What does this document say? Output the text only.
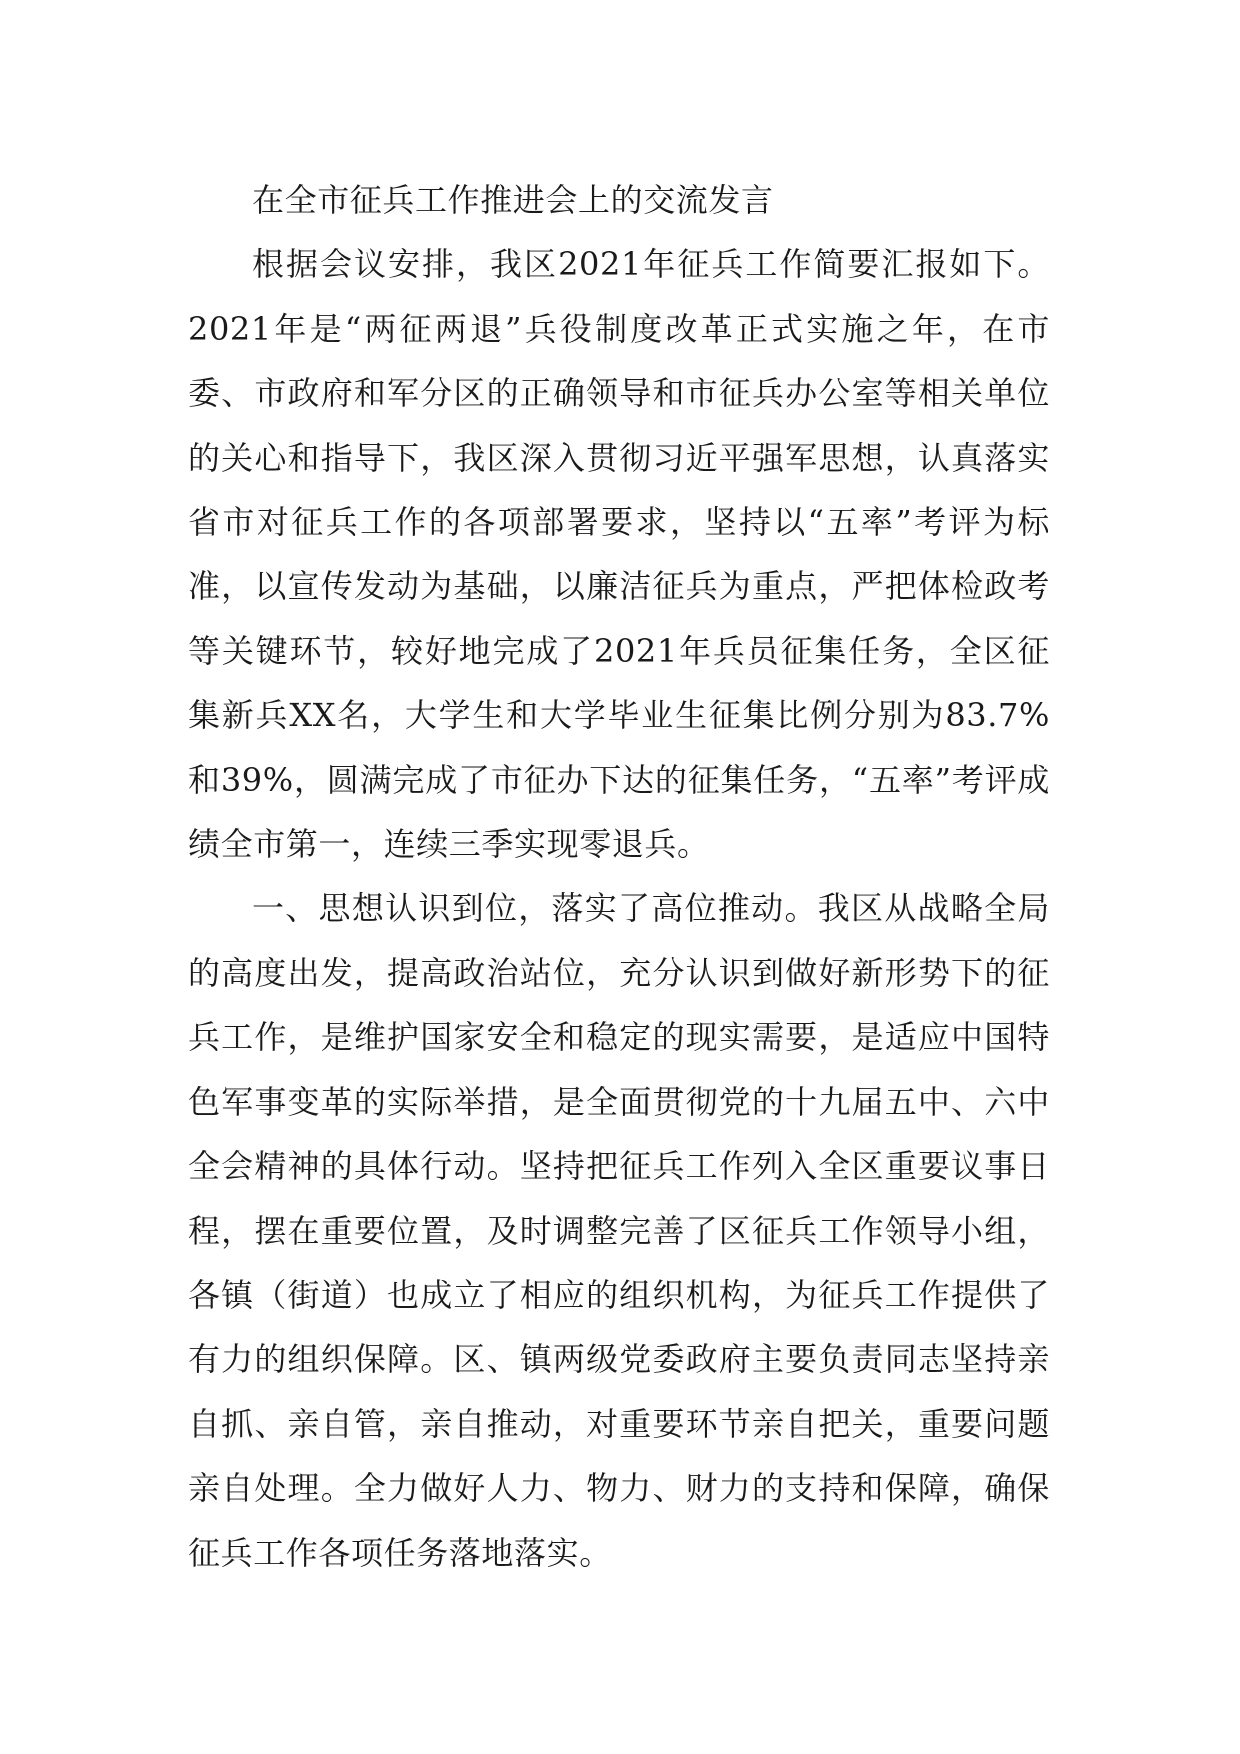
在全市征兵工作推进会上的交流发言

根据会议安排，我区2021年征兵工作简要汇报如下。2021年是“两征两退”兵役制度改革正式实施之年，在市委、市政府和军分区的正确领导和市征兵办公室等相关单位的关心和指导下，我区深入贯彻习近平强军思想，认真落实省市对征兵工作的各项部署要求，坚持以“五率”考评为标准，以宣传发动为基础，以廉洁征兵为重点，严把体检政考等关键环节，较好地完成了2021年兵员征集任务，全区征集新兵XX名，大学生和大学毕业生征集比例分别为83.7%和39%，圆满完成了市征办下达的征集任务，“五率”考评成绩全市第一，连续三季实现零退兵。

一、思想认识到位，落实了高位推动。我区从战略全局的高度出发，提高政治站位，充分认识到做好新形势下的征兵工作，是维护国家安全和稳定的现实需要，是适应中国特色军事变革的实际举措，是全面贯彻党的十九届五中、六中全会精神的具体行动。坚持把征兵工作列入全区重要议事日程，摆在重要位置，及时调整完善了区征兵工作领导小组，各镇（街道）也成立了相应的组织机构，为征兵工作提供了有力的组织保障。区、镇两级党委政府主要负责同志坚持亲自抓、亲自管，亲自推动，对重要环节亲自把关，重要问题亲自处理。全力做好人力、物力、财力的支持和保障，确保征兵工作各项任务落地落实。
